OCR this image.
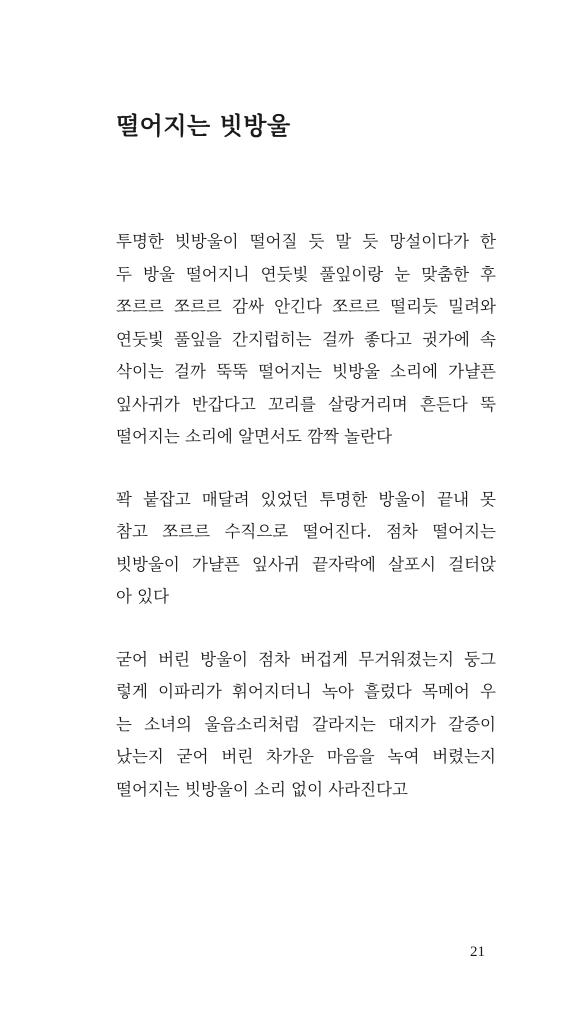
떨어지는 빗방울
투명한 빗방울이 떨어질 듯 말 듯 망설이다가 한
두 방울 떨어지니 연둣빛 풀잎이랑 눈 맞춤한 후
쪼르르 쪼르르 감싸 안긴다 쪼르르 떨리듯 밀려와
연둣빛 풀잎을 간지럽히는 걸까 좋다고 귓가에 속
삭이는 걸까 뚝뚝 떨어지는 빗방울 소리에 가냘픈
잎사귀가 반갑다고 꼬리를 살랑거리며 흔든다 뚝
떨어지는 소리에 알면서도 깜짝 놀란다
꽉 붙잡고 매달려 있었던 투명한 방울이 끝내 못
참고 쪼르르 수직으로 떨어진다. 점차 떨어지는
빗방울이 가냘픈 잎사귀 끝자락에 살포시 걸터앉
아 있다
굳어 버린 방울이 점차 버겁게 무거워졌는지 둥그
렇게 이파리가 휘어지더니 녹아 흘렀다 목메어 우
는 소녀의 울음소리처럼 갈라지는 대지가 갈증이
났는지 굳어 버린 차가운 마음을 녹여 버렸는지
떨어지는 빗방울이 소리 없이 사라진다고
21
